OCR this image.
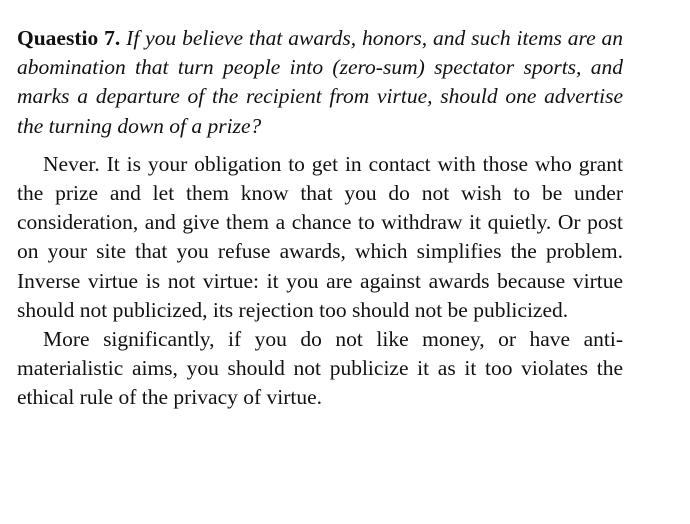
Quaestio 7. If you believe that awards, honors, and such items are an abomination that turn people into (zero-sum) spectator sports, and marks a departure of the recipient from virtue, should one advertise the turning down of a prize?

Never. It is your obligation to get in contact with those who grant the prize and let them know that you do not wish to be under consideration, and give them a chance to withdraw it quietly. Or post on your site that you refuse awards, which simplifies the problem. Inverse virtue is not virtue: it you are against awards because virtue should not publicized, its rejection too should not be publicized.

More significantly, if you do not like money, or have anti-materialistic aims, you should not publicize it as it too violates the ethical rule of the privacy of virtue.
